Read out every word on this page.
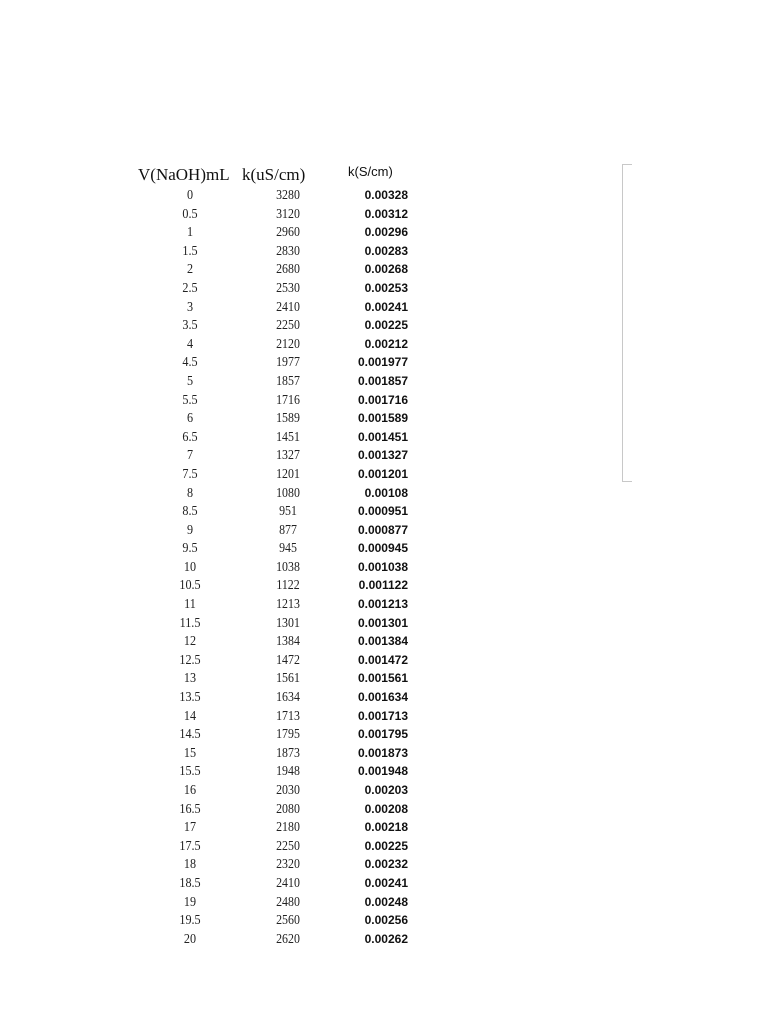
V(NaOH)mL k(uS/cm)	k(S/cm)
0	3280	0.00328
0.5	3120	0.00312
1	2960	0.00296
1.5	2830	0.00283
2	2680	0.00268
2.5	2530	0.00253
3	2410	0.00241
3.5	2250	0.00225
4	2120	0.00212
4.5	1977	0.001977
5	1857	0.001857
5.5	1716	0.001716
6	1589	0.001589
6.5	1451	0.001451
7	1327	0.001327
7.5	1201	0.001201
8	1080	0.00108
8.5	951	0.000951
9	877	0.000877
9.5	945	0.000945
10	1038	0.001038
10.5	1122	0.001122
11	1213	0.001213
11.5	1301	0.001301
12	1384	0.001384
12.5	1472	0.001472
13	1561	0.001561
13.5	1634	0.001634
14	1713	0.001713
14.5	1795	0.001795
15	1873	0.001873
15.5	1948	0.001948
16	2030	0.00203
16.5	2080	0.00208
17	2180	0.00218
17.5	2250	0.00225
18	2320	0.00232
18.5	2410	0.00241
19	2480	0.00248
19.5	2560	0.00256
20	2620	0.00262
